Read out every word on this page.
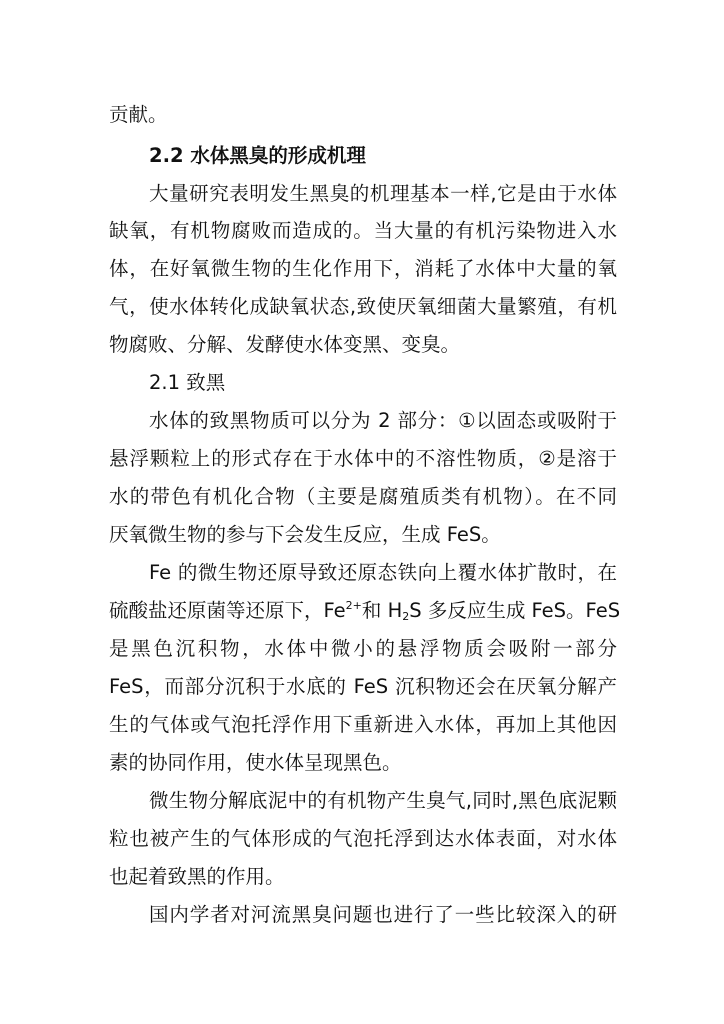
贡献。
2.2 水体黑臭的形成机理
大量研究表明发生黑臭的机理基本一样,它是由于水体
缺氧，有机物腐败而造成的。当大量的有机污染物进入水
体，在好氧微生物的生化作用下，消耗了水体中大量的氧
气，使水体转化成缺氧状态,致使厌氧细菌大量繁殖，有机
物腐败、分解、发酵使水体变黑、变臭。
2.1 致黑
水体的致黑物质可以分为 2 部分：①以固态或吸附于
悬浮颗粒上的形式存在于水体中的不溶性物质，②是溶于
水的带色有机化合物（主要是腐殖质类有机物）。在不同
厌氧微生物的参与下会发生反应，生成 FeS。
Fe 的微生物还原导致还原态铁向上覆水体扩散时，在
硫酸盐还原菌等还原下，$Fe^{2+}$和 $H_2S$ 多反应生成 FeS。FeS
是黑色沉积物，水体中微小的悬浮物质会吸附一部分
FeS，而部分沉积于水底的 FeS 沉积物还会在厌氧分解产
生的气体或气泡托浮作用下重新进入水体，再加上其他因
素的协同作用，使水体呈现黑色。
微生物分解底泥中的有机物产生臭气,同时,黑色底泥颗
粒也被产生的气体形成的气泡托浮到达水体表面，对水体
也起着致黑的作用。
国内学者对河流黑臭问题也进行了一些比较深入的研
